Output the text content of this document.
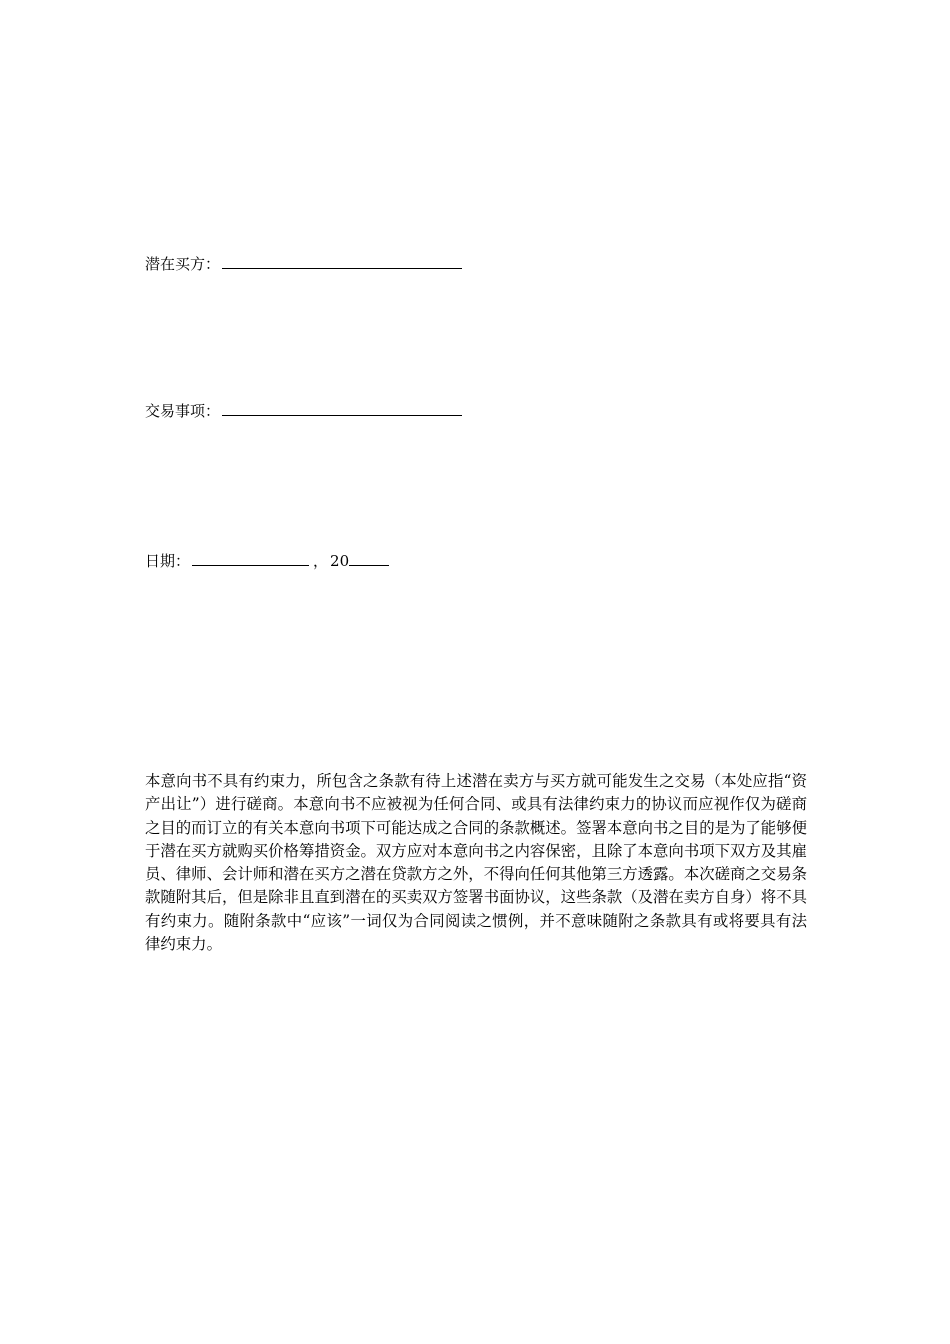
潜在买方：
交易事项：
日期：	， 20

本意向书不具有约束力，所包含之条款有待上述潜在卖方与买方就可能发生之交易（本处应指“资产出让”）进行磋商。本意向书不应被视为任何合同、或具有法律约束力的协议而应视作仅为磋商之目的而订立的有关本意向书项下可能达成之合同的条款概述。签署本意向书之目的是为了能够便于潜在买方就购买价格筹措资金。双方应对本意向书之内容保密，且除了本意向书项下双方及其雇员、律师、会计师和潜在买方之潜在贷款方之外，不得向任何其他第三方透露。本次磋商之交易条款随附其后，但是除非且直到潜在的买卖双方签署书面协议，这些条款（及潜在卖方自身）将不具有约束力。随附条款中“应该”一词仅为合同阅读之惯例，并不意味随附之条款具有或将要具有法律约束力。
